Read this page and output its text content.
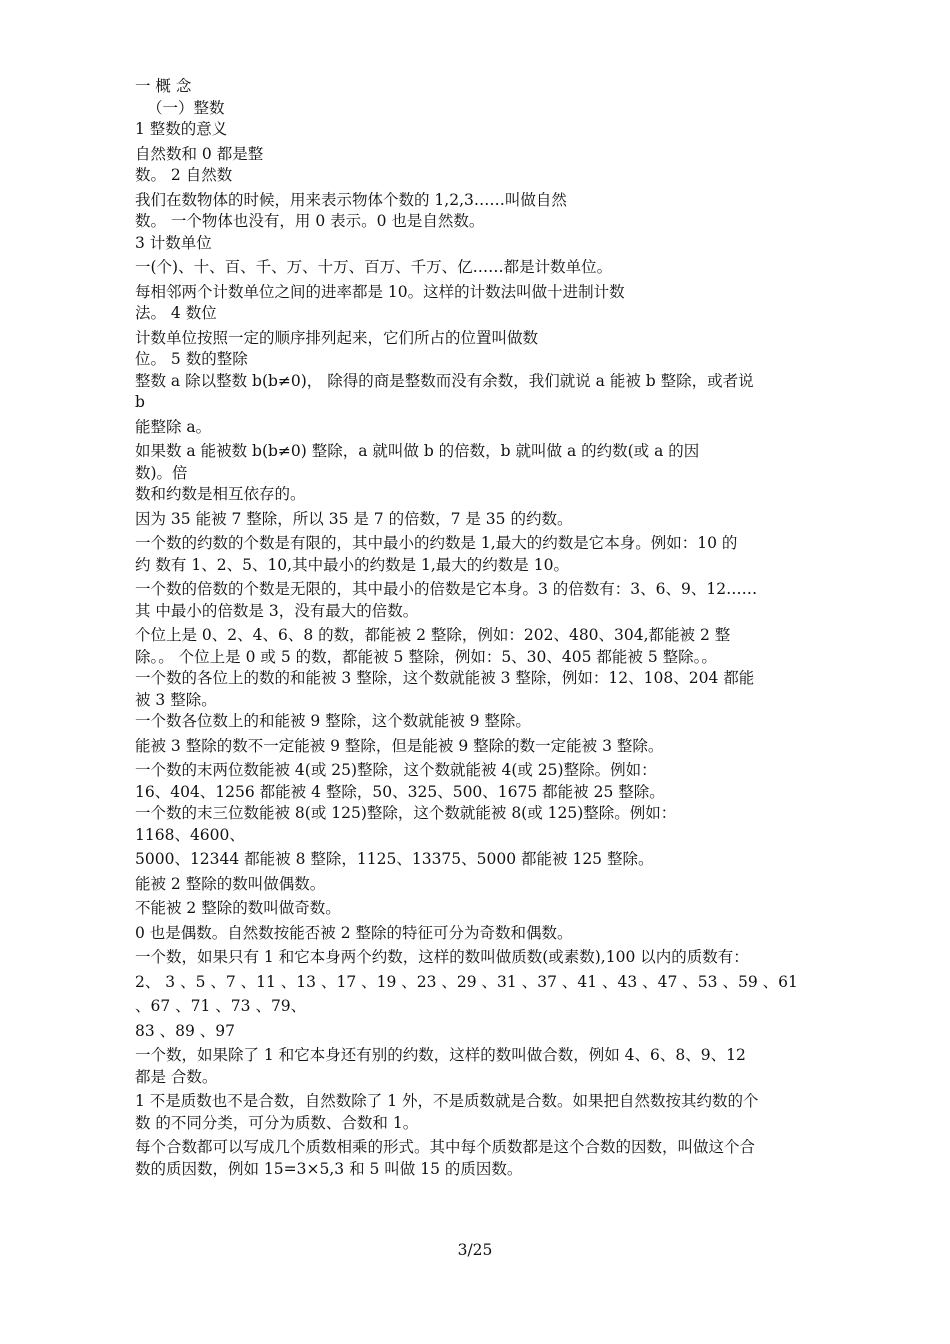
一 概 念

（一）整数

1 整数的意义

自然数和 0 都是整

数。 2 自然数

我们在数物体的时候，用来表示物体个数的 1,2,3……叫做自然

数。 一个物体也没有，用 0 表示。0 也是自然数。

3 计数单位

一(个)、十、百、千、万、十万、百万、千万、亿……都是计数单位。

每相邻两个计数单位之间的进率都是 10。这样的计数法叫做十进制计数

法。 4 数位

计数单位按照一定的顺序排列起来，它们所占的位置叫做数

位。 5 数的整除

整数 a 除以整数 b(b≠0)， 除得的商是整数而没有余数，我们就说 a 能被 b 整除，或者说

b

能整除 a。

如果数 a 能被数 b(b≠0) 整除，a 就叫做 b 的倍数，b 就叫做 a 的约数(或 a 的因

数)。倍

数和约数是相互依存的。

因为 35 能被 7 整除，所以 35 是 7 的倍数，7 是 35 的约数。

一个数的约数的个数是有限的，其中最小的约数是 1,最大的约数是它本身。例如：10 的

约 数有 1、2、5、10,其中最小的约数是 1,最大的约数是 10。

一个数的倍数的个数是无限的，其中最小的倍数是它本身。3 的倍数有：3、6、9、12……

其 中最小的倍数是 3，没有最大的倍数。

个位上是 0、2、4、6、8 的数，都能被 2 整除，例如：202、480、304,都能被 2 整

除。。 个位上是 0 或 5 的数，都能被 5 整除，例如：5、30、405 都能被 5 整除。。

一个数的各位上的数的和能被 3 整除，这个数就能被 3 整除，例如：12、108、204 都能

被 3 整除。

一个数各位数上的和能被 9 整除，这个数就能被 9 整除。

能被 3 整除的数不一定能被 9 整除，但是能被 9 整除的数一定能被 3 整除。

一个数的末两位数能被 4(或 25)整除，这个数就能被 4(或 25)整除。例如：

16、404、1256 都能被 4 整除，50、325、500、1675 都能被 25 整除。

一个数的末三位数能被 8(或 125)整除，这个数就能被 8(或 125)整除。例如：

1168、4600、

5000、12344 都能被 8 整除，1125、13375、5000 都能被 125 整除。

能被 2 整除的数叫做偶数。

不能被 2 整除的数叫做奇数。

0 也是偶数。自然数按能否被 2 整除的特征可分为奇数和偶数。

一个数，如果只有 1 和它本身两个约数，这样的数叫做质数(或素数),100 以内的质数有：

2、 3 、5 、7 、11 、13 、17 、19 、23 、29 、31 、37 、41 、43 、47 、53 、59 、61

、67 、71 、73 、79、

83 、89 、97

一个数，如果除了 1 和它本身还有别的约数，这样的数叫做合数，例如 4、6、8、9、12

都是 合数。

1 不是质数也不是合数，自然数除了 1 外，不是质数就是合数。如果把自然数按其约数的个

数 的不同分类，可分为质数、合数和 1。

每个合数都可以写成几个质数相乘的形式。其中每个质数都是这个合数的因数，叫做这个合

数的质因数，例如 15=3×5,3 和 5 叫做 15 的质因数。

3/25
